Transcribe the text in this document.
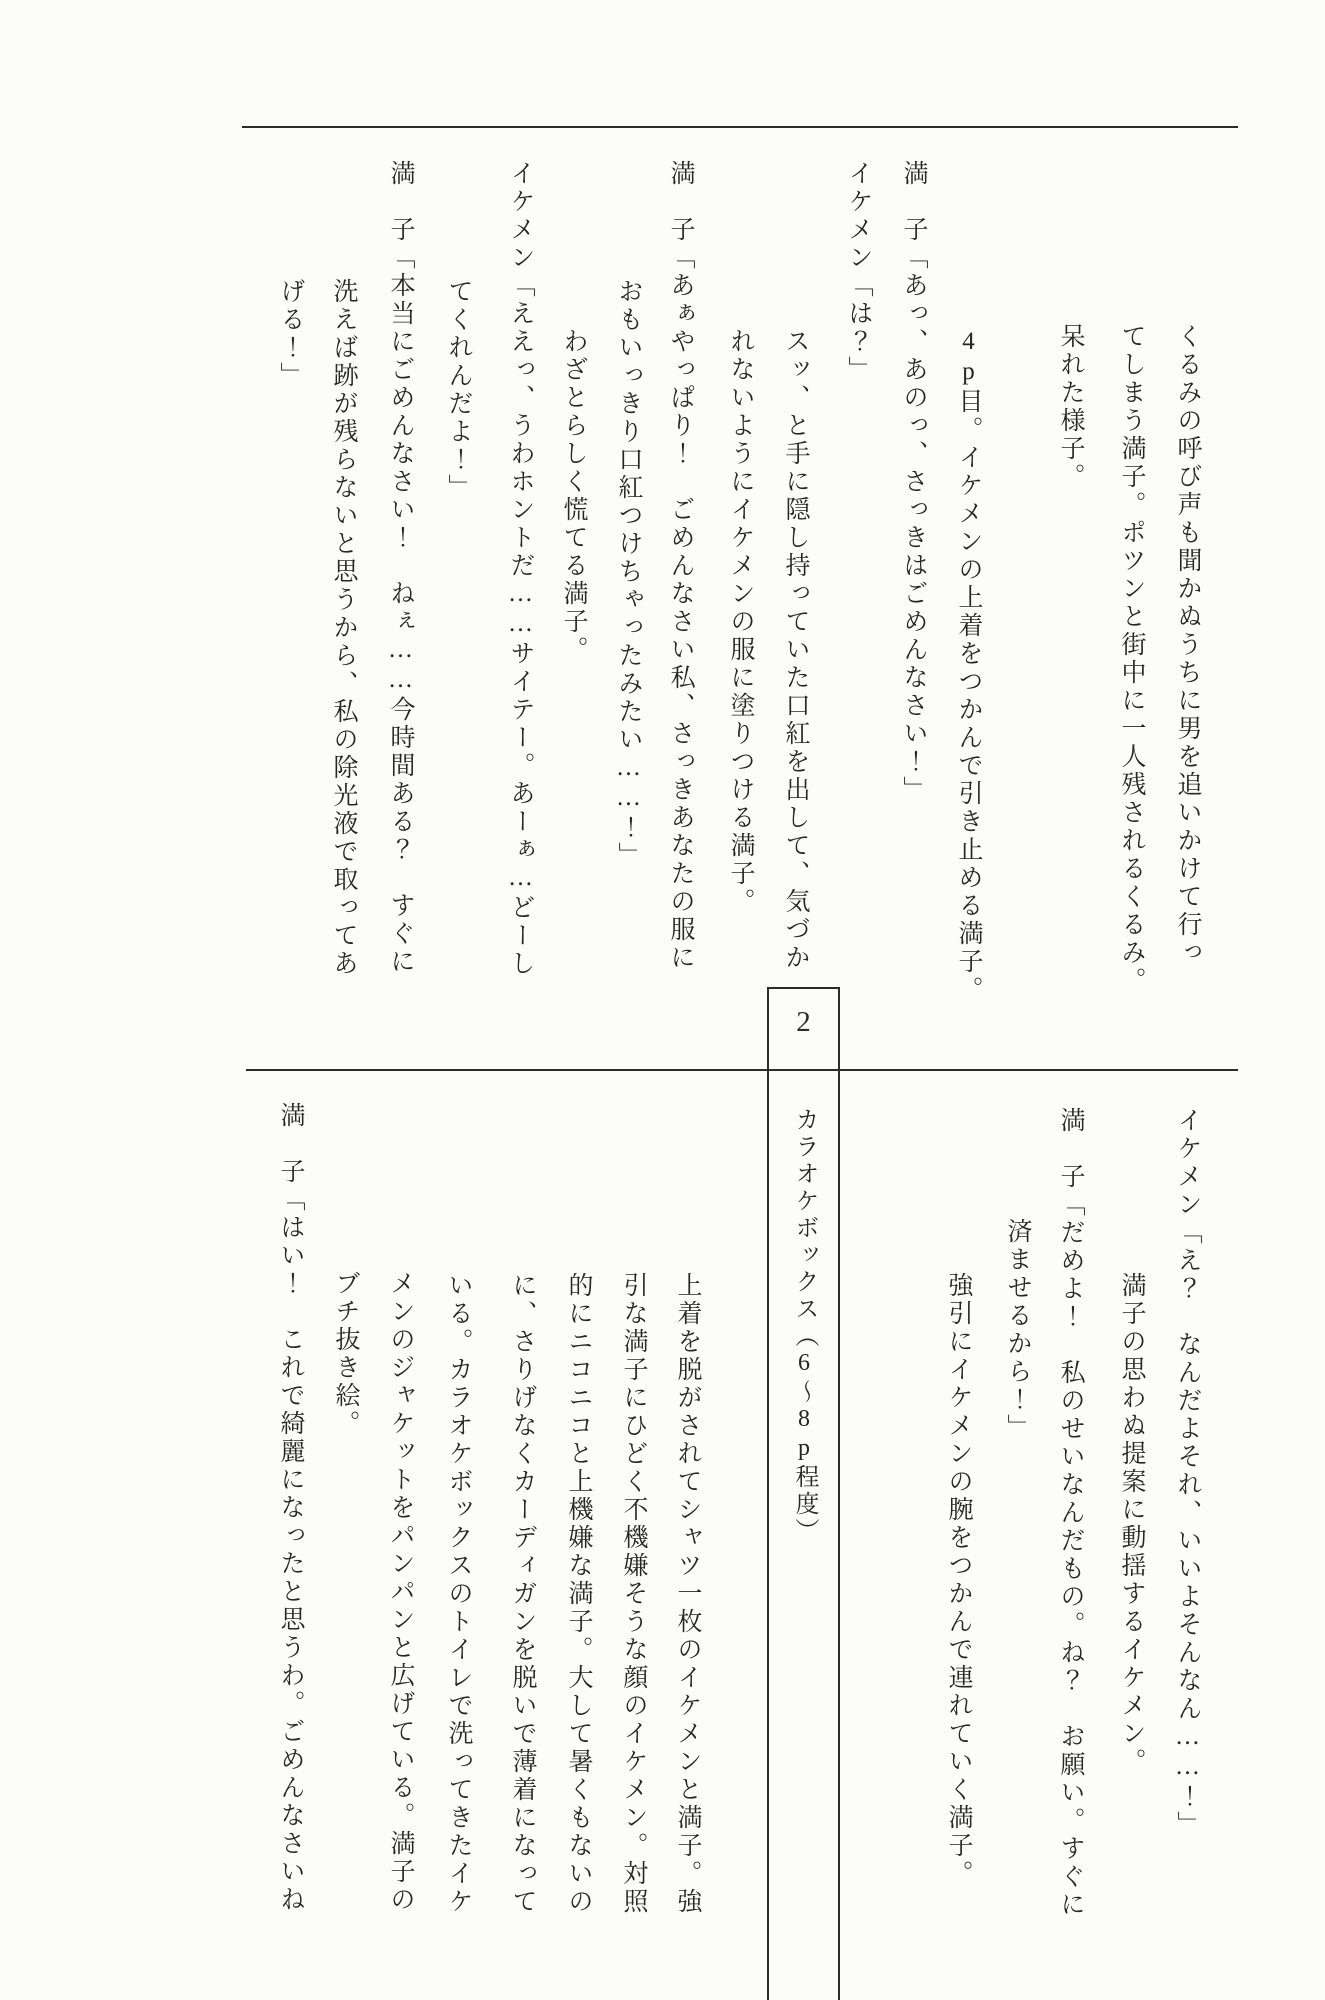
2
カラオケボックス（6〜8p程度）
くるみの呼び声も聞かぬうちに男を追いかけて行っ
てしまう満子。ポツンと街中に一人残されるくるみ。
呆れた様子。
4p目。イケメンの上着をつかんで引き止める満子。
満　子「あっ、あのっ、さっきはごめんなさい！」
イケメン「は？」
スッ、と手に隠し持っていた口紅を出して、気づか
れないようにイケメンの服に塗りつける満子。
満　子「あぁやっぱり！　ごめんなさい私、さっきあなたの服に
おもいっきり口紅つけちゃったみたい……！」
わざとらしく慌てる満子。
イケメン「ええっ、うわホントだ……サイテー。あーぁ…どーし
てくれんだよ！」
満　子「本当にごめんなさい！　ねぇ……今時間ある？　すぐに
洗えば跡が残らないと思うから、私の除光液で取ってあ
げる！」
イケメン「え？　なんだよそれ、いいよそんなん……！」
満子の思わぬ提案に動揺するイケメン。
満　子「だめよ！　私のせいなんだもの。ね？　お願い。すぐに
済ませるから！」
強引にイケメンの腕をつかんで連れていく満子。
上着を脱がされてシャツ一枚のイケメンと満子。強
引な満子にひどく不機嫌そうな顔のイケメン。対照
的にニコニコと上機嫌な満子。大して暑くもないの
に、さりげなくカーディガンを脱いで薄着になって
いる。カラオケボックスのトイレで洗ってきたイケ
メンのジャケットをパンパンと広げている。満子の
ブチ抜き絵。
満　子「はい！　これで綺麗になったと思うわ。ごめんなさいね
